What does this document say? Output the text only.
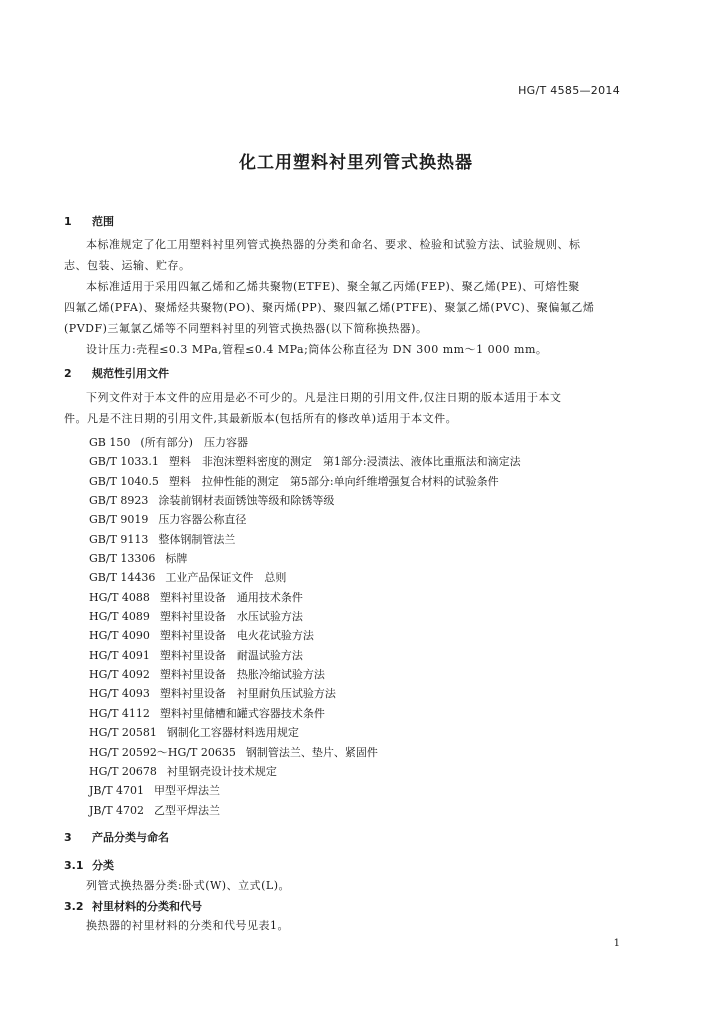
HG/T 4585—2014
化工用塑料衬里列管式换热器
1 范围
本标准规定了化工用塑料衬里列管式换热器的分类和命名、要求、检验和试验方法、试验规则、标
志、包装、运输、贮存。
本标准适用于采用四氟乙烯和乙烯共聚物(ETFE)、聚全氟乙丙烯(FEP)、聚乙烯(PE)、可熔性聚
四氟乙烯(PFA)、聚烯烃共聚物(PO)、聚丙烯(PP)、聚四氟乙烯(PTFE)、聚氯乙烯(PVC)、聚偏氟乙烯
(PVDF)三氟氯乙烯等不同塑料衬里的列管式换热器(以下简称换热器)。
设计压力:壳程≤0.3 MPa,管程≤0.4 MPa;筒体公称直径为 DN 300 mm～1 000 mm。
2 规范性引用文件
下列文件对于本文件的应用是必不可少的。凡是注日期的引用文件,仅注日期的版本适用于本文
件。凡是不注日期的引用文件,其最新版本(包括所有的修改单)适用于本文件。
GB 150 (所有部分)　压力容器
GB/T 1033.1 塑料　非泡沫塑料密度的测定　第1部分:浸渍法、液体比重瓶法和滴定法
GB/T 1040.5 塑料　拉伸性能的测定　第5部分:单向纤维增强复合材料的试验条件
GB/T 8923 涂装前钢材表面锈蚀等级和除锈等级
GB/T 9019 压力容器公称直径
GB/T 9113 整体钢制管法兰
GB/T 13306 标牌
GB/T 14436 工业产品保证文件　总则
HG/T 4088 塑料衬里设备　通用技术条件
HG/T 4089 塑料衬里设备　水压试验方法
HG/T 4090 塑料衬里设备　电火花试验方法
HG/T 4091 塑料衬里设备　耐温试验方法
HG/T 4092 塑料衬里设备　热胀冷缩试验方法
HG/T 4093 塑料衬里设备　衬里耐负压试验方法
HG/T 4112 塑料衬里储槽和罐式容器技术条件
HG/T 20581 钢制化工容器材料选用规定
HG/T 20592～HG/T 20635 钢制管法兰、垫片、紧固件
HG/T 20678 衬里钢壳设计技术规定
JB/T 4701 甲型平焊法兰
JB/T 4702 乙型平焊法兰
3 产品分类与命名
3.1 分类
列管式换热器分类:卧式(W)、立式(L)。
3.2 衬里材料的分类和代号
换热器的衬里材料的分类和代号见表1。
1
